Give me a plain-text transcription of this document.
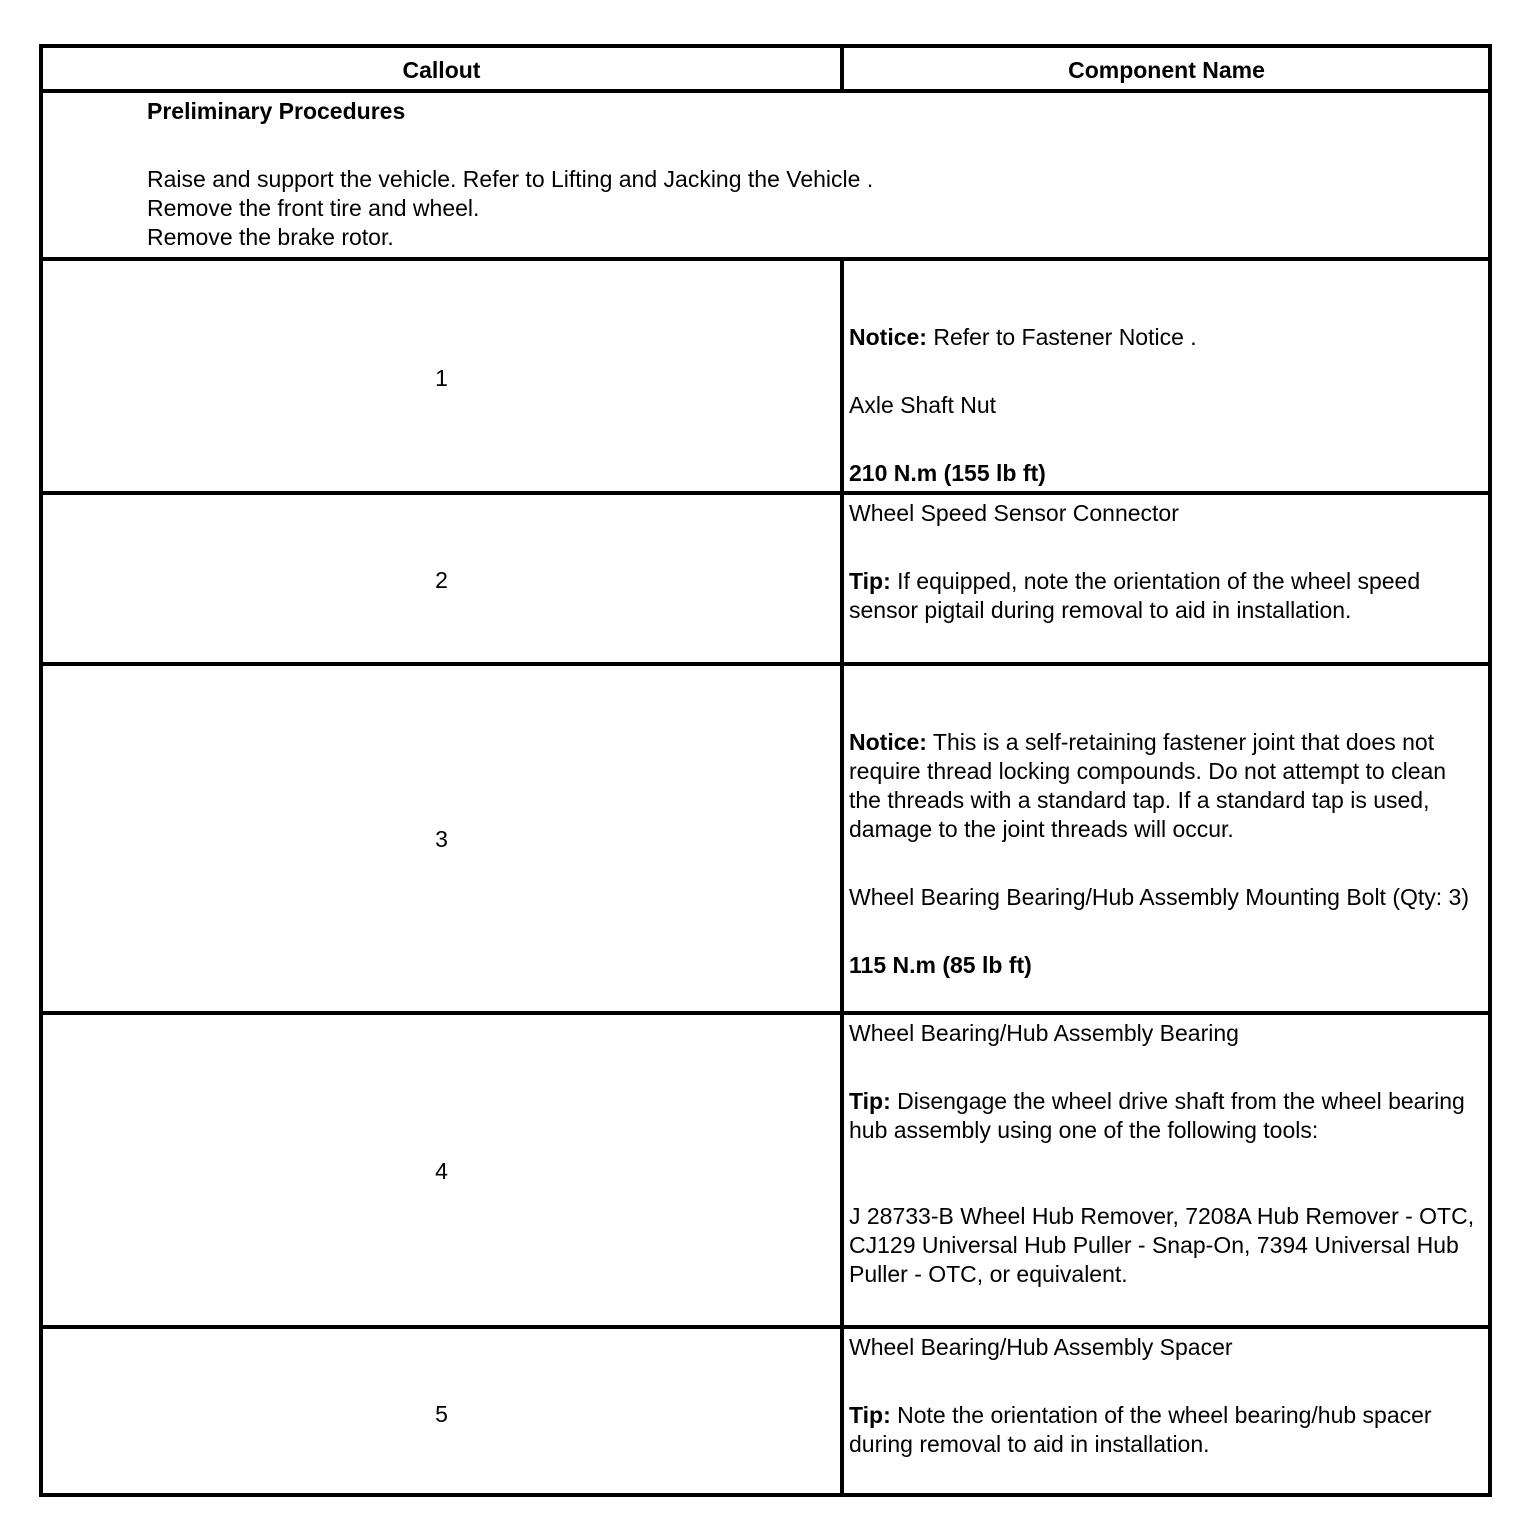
Callout	Component Name

Preliminary Procedures

Raise and support the vehicle. Refer to Lifting and Jacking the Vehicle .

Remove the front tire and wheel.

Remove the brake rotor.

1

Notice: Refer to Fastener Notice .

Axle Shaft Nut

210 N.m (155 lb ft)

2

Wheel Speed Sensor Connector

Tip: If equipped, note the orientation of the wheel speed sensor pigtail during removal to aid in installation.

3

Notice: This is a self-retaining fastener joint that does not require thread locking compounds. Do not attempt to clean the threads with a standard tap. If a standard tap is used, damage to the joint threads will occur.

Wheel Bearing Bearing/Hub Assembly Mounting Bolt (Qty: 3)

115 N.m (85 lb ft)

4

Wheel Bearing/Hub Assembly Bearing

Tip: Disengage the wheel drive shaft from the wheel bearing hub assembly using one of the following tools:

J 28733-B Wheel Hub Remover, 7208A Hub Remover - OTC, CJ129 Universal Hub Puller - Snap-On, 7394 Universal Hub Puller - OTC, or equivalent.

5

Wheel Bearing/Hub Assembly Spacer

Tip: Note the orientation of the wheel bearing/hub spacer during removal to aid in installation.
